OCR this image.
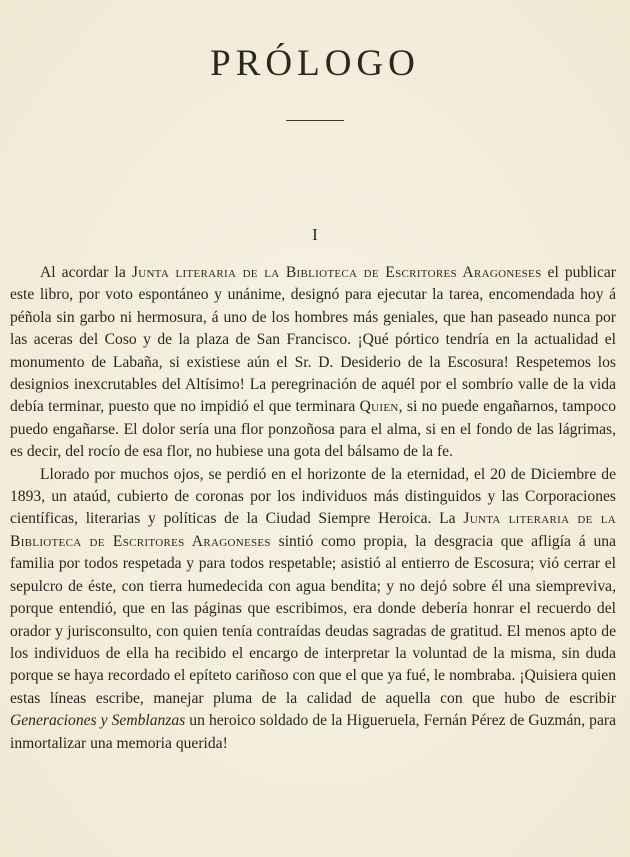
PRÓLOGO
I

Al acordar la Junta literaria de la Biblioteca de Escritores Aragoneses el publicar este libro, por voto espontáneo y unánime, designó para ejecutar la tarea, encomendada hoy á péñola sin garbo ni hermosura, á uno de los hombres más geniales, que han paseado nunca por las aceras del Coso y de la plaza de San Francisco. ¡Qué pórtico tendría en la actualidad el monumento de Labaña, si existiese aún el Sr. D. Desiderio de la Escosura! Respetemos los designios inexcrutables del Altísimo! La peregrinación de aquél por el sombrío valle de la vida debía terminar, puesto que no impidió el que terminara Quien, si no puede engañarnos, tampoco puedo engañarse. El dolor sería una flor ponzoñosa para el alma, si en el fondo de las lágrimas, es decir, del rocío de esa flor, no hubiese una gota del bálsamo de la fe.

Llorado por muchos ojos, se perdió en el horizonte de la eternidad, el 20 de Diciembre de 1893, un ataúd, cubierto de coronas por los individuos más distinguidos y las Corporaciones científicas, literarias y políticas de la Ciudad Siempre Heroica. La Junta literaria de la Biblioteca de Escritores Aragoneses sintió como propia, la desgracia que afligía á una familia por todos respetada y para todos respetable; asistió al entierro de Escosura; vió cerrar el sepulcro de éste, con tierra humedecida con agua bendita; y no dejó sobre él una siempreviva, porque entendió, que en las páginas que escribimos, era donde debería honrar el recuerdo del orador y jurisconsulto, con quien tenía contraídas deudas sagradas de gratitud. El menos apto de los individuos de ella ha recibido el encargo de interpretar la voluntad de la misma, sin duda porque se haya recordado el epíteto cariñoso con que el que ya fué, le nombraba. ¡Quisiera quien estas líneas escribe, manejar pluma de la calidad de aquella con que hubo de escribir Generaciones y Semblanzas un heroico soldado de la Higueruela, Fernán Pérez de Guzmán, para inmortalizar una memoria querida!
